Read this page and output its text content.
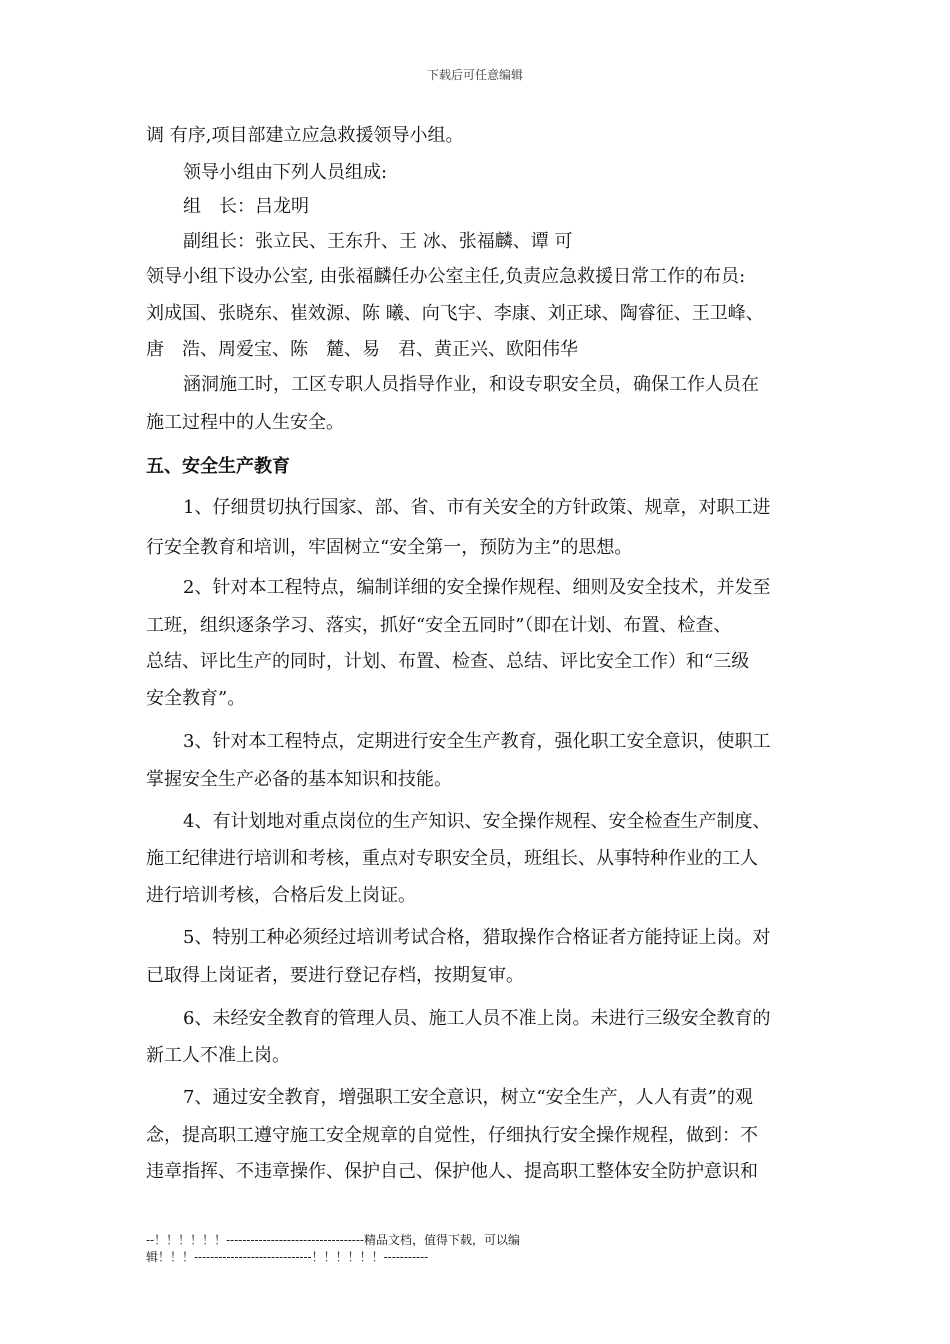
下载后可任意编辑
调 有序,项目部建立应急救援领导小组。
领导小组由下列人员组成:
组　长：吕龙明
副组长：张立民、王东升、王 冰、张福麟、谭 可
领导小组下设办公室, 由张福麟任办公室主任,负责应急救援日常工作的布员:
刘成国、张晓东、崔效源、陈 曦、向飞宇、李康、刘正球、陶睿征、王卫峰、
唐　浩、周爱宝、陈　麓、易　君、黄正兴、欧阳伟华
涵洞施工时，工区专职人员指导作业，和设专职安全员，确保工作人员在
施工过程中的人生安全。
五、安全生产教育
1、仔细贯切执行国家、部、省、市有关安全的方针政策、规章，对职工进
行安全教育和培训，牢固树立“安全第一，预防为主”的思想。
2、针对本工程特点，编制详细的安全操作规程、细则及安全技术，并发至
工班，组织逐条学习、落实，抓好“安全五同时”（即在计划、布置、检查、
总结、评比生产的同时，计划、布置、检查、总结、评比安全工作）和“三级
安全教育”。
3、针对本工程特点，定期进行安全生产教育，强化职工安全意识，使职工
掌握安全生产必备的基本知识和技能。
4、有计划地对重点岗位的生产知识、安全操作规程、安全检查生产制度、
施工纪律进行培训和考核，重点对专职安全员，班组长、从事特种作业的工人
进行培训考核，合格后发上岗证。
5、特别工种必须经过培训考试合格，猎取操作合格证者方能持证上岗。对
已取得上岗证者，要进行登记存档，按期复审。
6、未经安全教育的管理人员、施工人员不准上岗。未进行三级安全教育的
新工人不准上岗。
7、通过安全教育，增强职工安全意识，树立“安全生产，人人有责”的观
念，提高职工遵守施工安全规章的自觉性，仔细执行安全操作规程，做到：不
违章指挥、不违章操作、保护自己、保护他人、提高职工整体安全防护意识和
--！！！！！！----------------------------------精品文档，值得下载，可以编
辑！！！-----------------------------！！！！！！-----------
